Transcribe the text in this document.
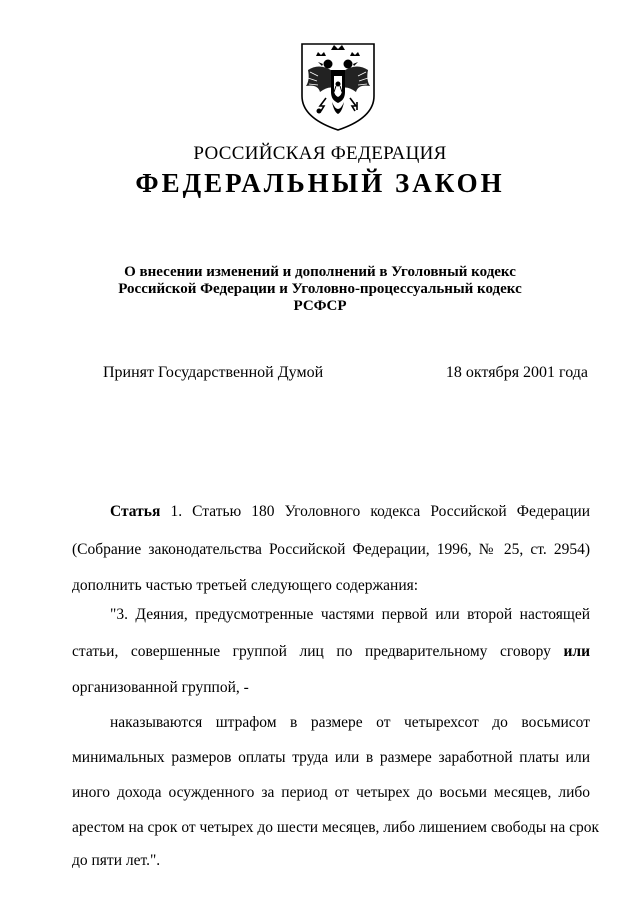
РОССИЙСКАЯ ФЕДЕРАЦИЯ
ФЕДЕРАЛЬНЫЙ ЗАКОН
О внесении изменений и дополнений в Уголовный кодекс
Российской Федерации и Уголовно-процессуальный кодекс
РСФСР
Принят Государственной Думой	18 октября 2001 года
Статья 1. Статью 180 Уголовного кодекса Российской Федерации
(Собрание законодательства Российской Федерации, 1996, № 25, ст. 2954)
дополнить частью третьей следующего содержания:
"3. Деяния, предусмотренные частями первой или второй настоящей
статьи, совершенные группой лиц по предварительному сговору или
организованной группой, -
наказываются штрафом в размере от четырехсот до восьмисот
минимальных размеров оплаты труда или в размере заработной платы или
иного дохода осужденного за период от четырех до восьми месяцев, либо
арестом на срок от четырех до шести месяцев, либо лишением свободы на срок
до пяти лет.".
